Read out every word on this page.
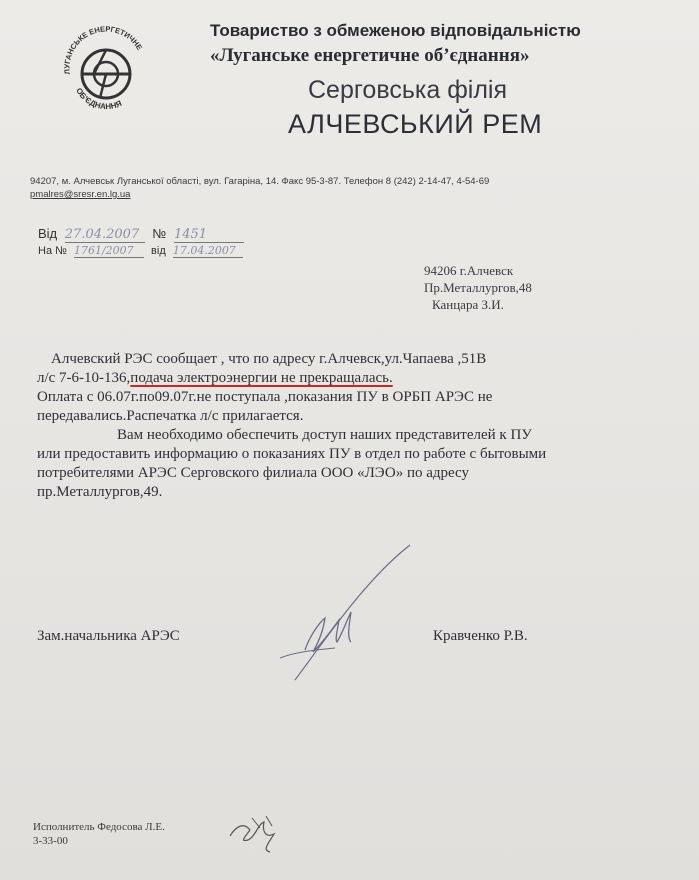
ЛУГАНСЬКЕ ЕНЕРГЕТИЧНЕ
ОБ'ЄДНАННЯ
Товариство з обмеженою відповідальністю
«Луганське енергетичне об’єднання»
Серговська філія
АЛЧЕВСЬКИЙ РЕМ
94207, м. Алчевськ Луганської області, вул. Гагаріна, 14. Факс 95-3-87. Телефон 8 (242) 2-14-47, 4-54-69
pmalres@sresr.en.lg.ua
Від 27.04.2007 № 1451
На № 1761/2007 від 17.04.2007
94206 г.Алчевск
Пр.Металлургов,48
Канцара З.И.

Алчевский РЭС сообщает , что по адресу г.Алчевск,ул.Чапаева ,51В

л/с 7-6-10-136,подача электроэнергии не прекращалась.

Оплата с 06.07г.по09.07г.не поступала ,показания ПУ в ОРБП АРЭС не

передавались.Распечатка л/с прилагается.

Вам необходимо обеспечить доступ наших представителей к ПУ

или предоставить информацию о показаниях ПУ в отдел по работе с бытовыми

потребителями АРЭС Серговского филиала ООО «ЛЭО» по адресу

пр.Металлургов,49.

Зам.начальника АРЭС	Кравченко Р.В.
Исполнитель Федосова Л.Е.
3-33-00
